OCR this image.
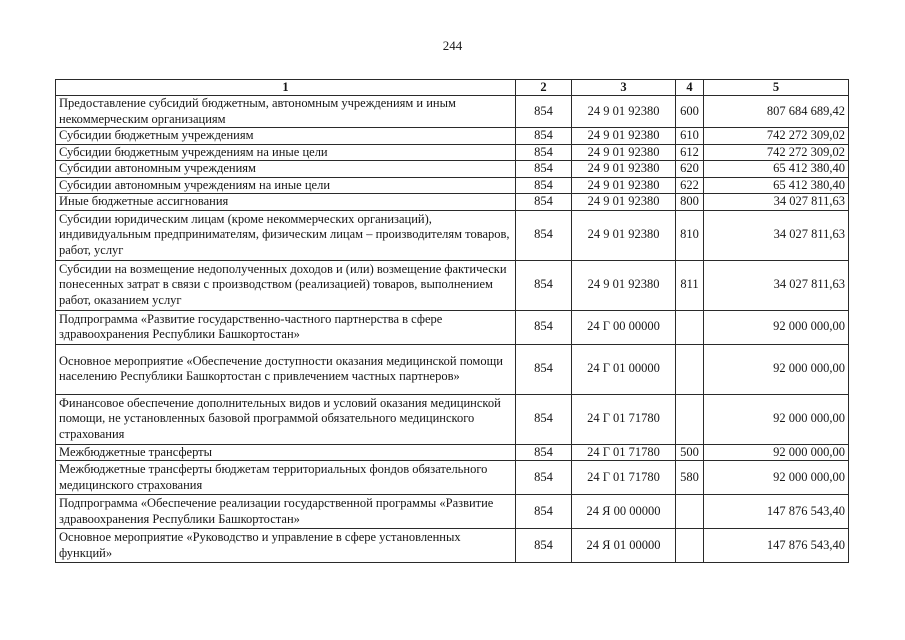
244
1	2	3	4	5
Предоставление субсидий бюджетным, автономным учреждениям и иным некоммерческим организациям	854	24 9 01 92380	600	807 684 689,42
Субсидии бюджетным учреждениям	854	24 9 01 92380	610	742 272 309,02
Субсидии бюджетным учреждениям на иные цели	854	24 9 01 92380	612	742 272 309,02
Субсидии автономным учреждениям	854	24 9 01 92380	620	65 412 380,40
Субсидии автономным учреждениям на иные цели	854	24 9 01 92380	622	65 412 380,40
Иные бюджетные ассигнования	854	24 9 01 92380	800	34 027 811,63
Субсидии юридическим лицам (кроме некоммерческих организаций), индивидуальным предпринимателям, физическим лицам – производителям товаров, работ, услуг	854	24 9 01 92380	810	34 027 811,63
Субсидии на возмещение недополученных доходов и (или) возмещение фактически понесенных затрат в связи с производством (реализацией) товаров, выполнением работ, оказанием услуг	854	24 9 01 92380	811	34 027 811,63
Подпрограмма «Развитие государственно-частного партнерства в сфере здравоохранения Республики Башкортостан»	854	24 Г 00 00000		92 000 000,00
Основное мероприятие «Обеспечение доступности оказания медицинской помощи населению Республики Башкортостан с привлечением частных партнеров»	854	24 Г 01 00000		92 000 000,00
Финансовое обеспечение дополнительных видов и условий оказания медицинской помощи, не установленных базовой программой обязательного медицинского страхования	854	24 Г 01 71780		92 000 000,00
Межбюджетные трансферты	854	24 Г 01 71780	500	92 000 000,00
Межбюджетные трансферты бюджетам территориальных фондов обязательного медицинского страхования	854	24 Г 01 71780	580	92 000 000,00
Подпрограмма «Обеспечение реализации государственной программы «Развитие здравоохранения Республики Башкортостан»	854	24 Я 00 00000		147 876 543,40
Основное мероприятие «Руководство и управление в сфере установленных функций»	854	24 Я 01 00000		147 876 543,40
